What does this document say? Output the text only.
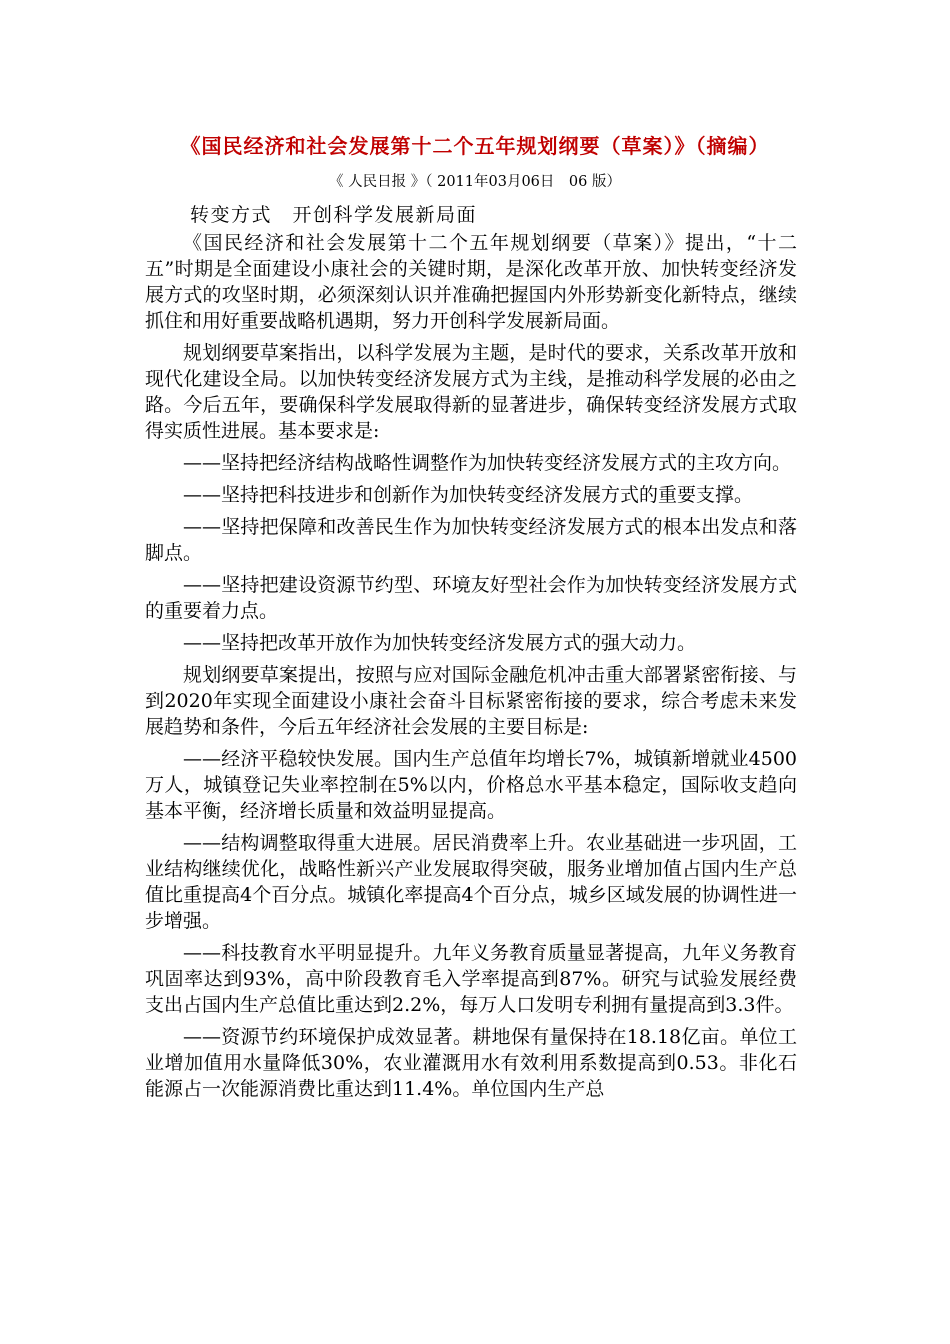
《国民经济和社会发展第十二个五年规划纲要（草案）》（摘编）
《 人民日报 》（ 2011年03月06日　06 版）
转变方式　开创科学发展新局面

《国民经济和社会发展第十二个五年规划纲要（草案）》提出，“十二五”时期是全面建设小康社会的关键时期，是深化改革开放、加快转变经济发展方式的攻坚时期，必须深刻认识并准确把握国内外形势新变化新特点，继续抓住和用好重要战略机遇期，努力开创科学发展新局面。

规划纲要草案指出，以科学发展为主题，是时代的要求，关系改革开放和现代化建设全局。以加快转变经济发展方式为主线，是推动科学发展的必由之路。今后五年，要确保科学发展取得新的显著进步，确保转变经济发展方式取得实质性进展。基本要求是:

——坚持把经济结构战略性调整作为加快转变经济发展方式的主攻方向。

——坚持把科技进步和创新作为加快转变经济发展方式的重要支撑。

——坚持把保障和改善民生作为加快转变经济发展方式的根本出发点和落脚点。

——坚持把建设资源节约型、环境友好型社会作为加快转变经济发展方式的重要着力点。

——坚持把改革开放作为加快转变经济发展方式的强大动力。

规划纲要草案提出，按照与应对国际金融危机冲击重大部署紧密衔接、与到2020年实现全面建设小康社会奋斗目标紧密衔接的要求，综合考虑未来发展趋势和条件，今后五年经济社会发展的主要目标是:

——经济平稳较快发展。国内生产总值年均增长7%，城镇新增就业4500万人，城镇登记失业率控制在5%以内，价格总水平基本稳定，国际收支趋向基本平衡，经济增长质量和效益明显提高。

——结构调整取得重大进展。居民消费率上升。农业基础进一步巩固，工业结构继续优化，战略性新兴产业发展取得突破，服务业增加值占国内生产总值比重提高4个百分点。城镇化率提高4个百分点，城乡区域发展的协调性进一步增强。

——科技教育水平明显提升。九年义务教育质量显著提高，九年义务教育巩固率达到93%，高中阶段教育毛入学率提高到87%。研究与试验发展经费支出占国内生产总值比重达到2.2%，每万人口发明专利拥有量提高到3.3件。

——资源节约环境保护成效显著。耕地保有量保持在18.18亿亩。单位工业增加值用水量降低30%，农业灌溉用水有效利用系数提高到0.53。非化石能源占一次能源消费比重达到11.4%。单位国内生产总
